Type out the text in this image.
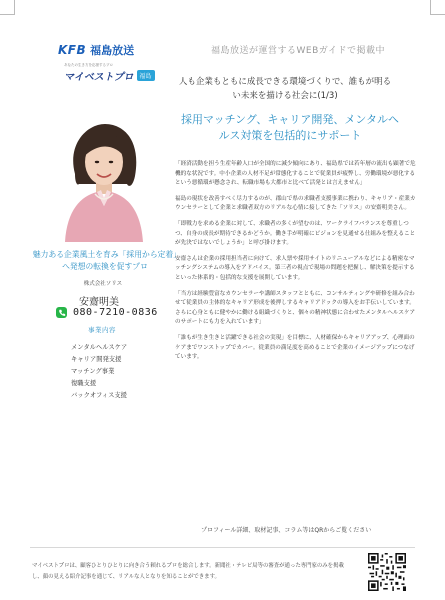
KFB 福島放送
あなたの生き方を応援するプロ
マイベストプロ	福島
福島放送が運営するWEBガイドで掲載中
人も企業もともに成長できる環境づくりで、誰もが明るい未来を描ける社会に(1/3)
採用マッチング、キャリア開発、メンタルヘルス対策を包括的にサポート
魅力ある企業風土を育み「採用から定着」へ発想の転換を促すプロ
株式会社ソリス
安齋明美
080-7210-0836
事業内容
メンタルヘルスケア
キャリア開発支援
マッチング事業
復職支援
バックオフィス支援

「経済活動を担う生産年齢人口が全国的に減少傾向にあり、福島県では若年層の流出も顕著で危機的な状況です。中小企業の人材不足が常態化することで従業員が疲弊し、労働環境が悪化するという悪循環が懸念され、転職市場も大都市と比べて活発とは言えません」

福島の現状を改善すべく尽力するのが、郡山で県の求職者支援事業に携わり、キャリア・産業カウンセラーとして企業と求職者双方のリアルな心情に接してきた「ソリス」の安齋明美さん。

「即戦力を求める企業に対して、求職者の多くが望むのは、ワークライフバランスを尊重しつつ、自身の成長が期待できるかどうか。働き手が明確にビジョンを見通せる仕組みを整えることが先決ではないでしょうか」と呼び掛けます。

安齋さんは企業の採用担当者に向けて、求人票や採用サイトのリニューアルなどによる精密なマッチングシステムの導入をアドバイス。第三者の視点で現場の問題を把握し、解決策を提示するといった体系的・包括的な支援を展開しています。

「当方は経験豊富なカウンセラーや講師スタッフとともに、コンサルティングや研修を組み合わせて従業員の主体的なキャリア形成を後押しするキャリアドックの導入をお手伝いしています。さらに心身ともに健やかに働ける組織づくりと、個々の精神状態に合わせたメンタルヘルスケアのサポートにも力を入れています」

「誰もが生き生きと活躍できる社会の実現」を目標に、人材確保からキャリアアップ、心理面のケアまでワンストップでカバー。従業員の満足度を高めることで企業のイメージアップにつなげています。

プロフィール詳細、取材記事、コラム等はQRからご覧ください
マイベストプロは、顧客ひとりひとりに向き合う頼れるプロを総合します。新聞社・テレビ局等の審査が通った専門家のみを掲載し、顔の見える紹介記事を通じて、リアルな人となりを知ることができます。
